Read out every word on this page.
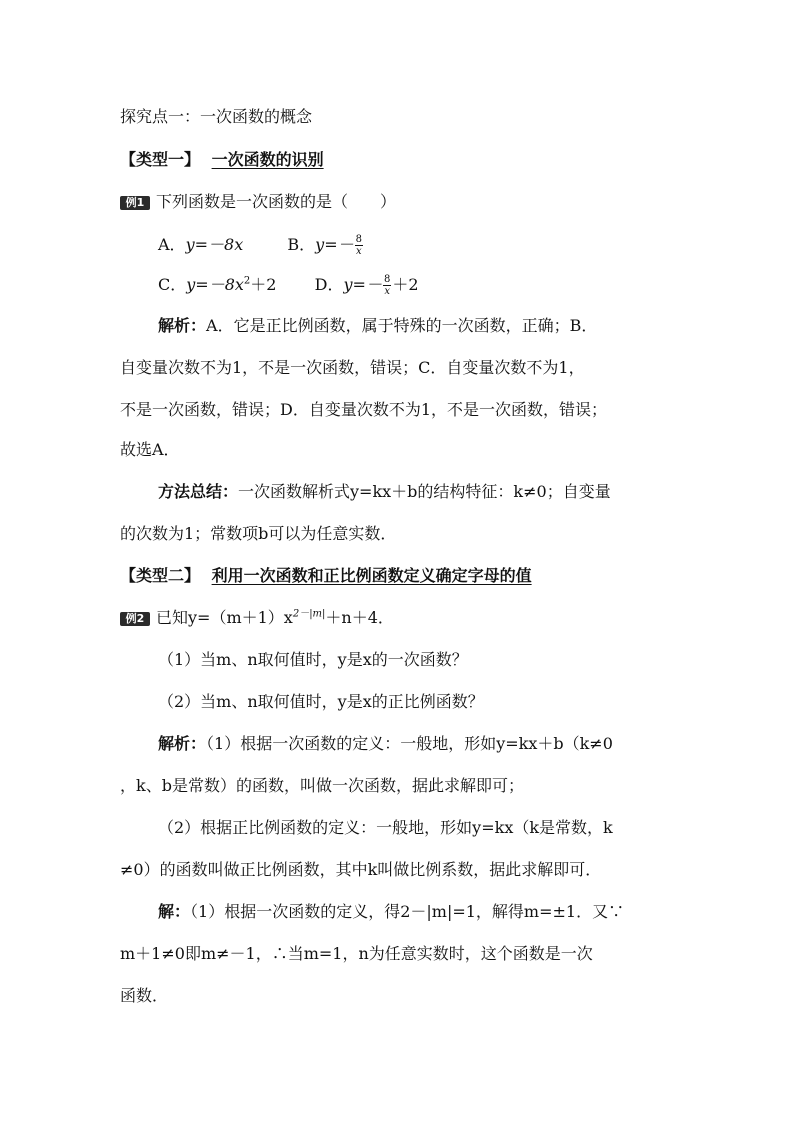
探究点一：一次函数的概念
【类型一】 一次函数的识别
例1 下列函数是一次函数的是（　　）
A．y=－8x	B．$y=- \frac{8}{x}$
C．$y=-8x^2+2$ D．$y=- \frac{8}{x} +2$
解析：A．它是正比例函数，属于特殊的一次函数，正确；B．
自变量次数不为1，不是一次函数，错误；C．自变量次数不为1，
不是一次函数，错误；D．自变量次数不为1，不是一次函数，错误；
故选A．
方法总结：一次函数解析式y=kx＋b的结构特征：k≠0；自变量
的次数为1；常数项b可以为任意实数．
【类型二】 利用一次函数和正比例函数定义确定字母的值
例2 已知$y=(m+1)x^{2-|m|}+n+4$．
（1）当m、n取何值时，y是x的一次函数？
（2）当m、n取何值时，y是x的正比例函数？
解析：（1）根据一次函数的定义：一般地，形如y=kx＋b（k≠0
，k、b是常数）的函数，叫做一次函数，据此求解即可；
（2）根据正比例函数的定义：一般地，形如y=kx（k是常数，k
≠0）的函数叫做正比例函数，其中k叫做比例系数，据此求解即可．
解：（1）根据一次函数的定义，得2－|m|=1，解得m=±1．又∵
m＋1≠0即m≠－1，∴当m=1，n为任意实数时，这个函数是一次
函数．
